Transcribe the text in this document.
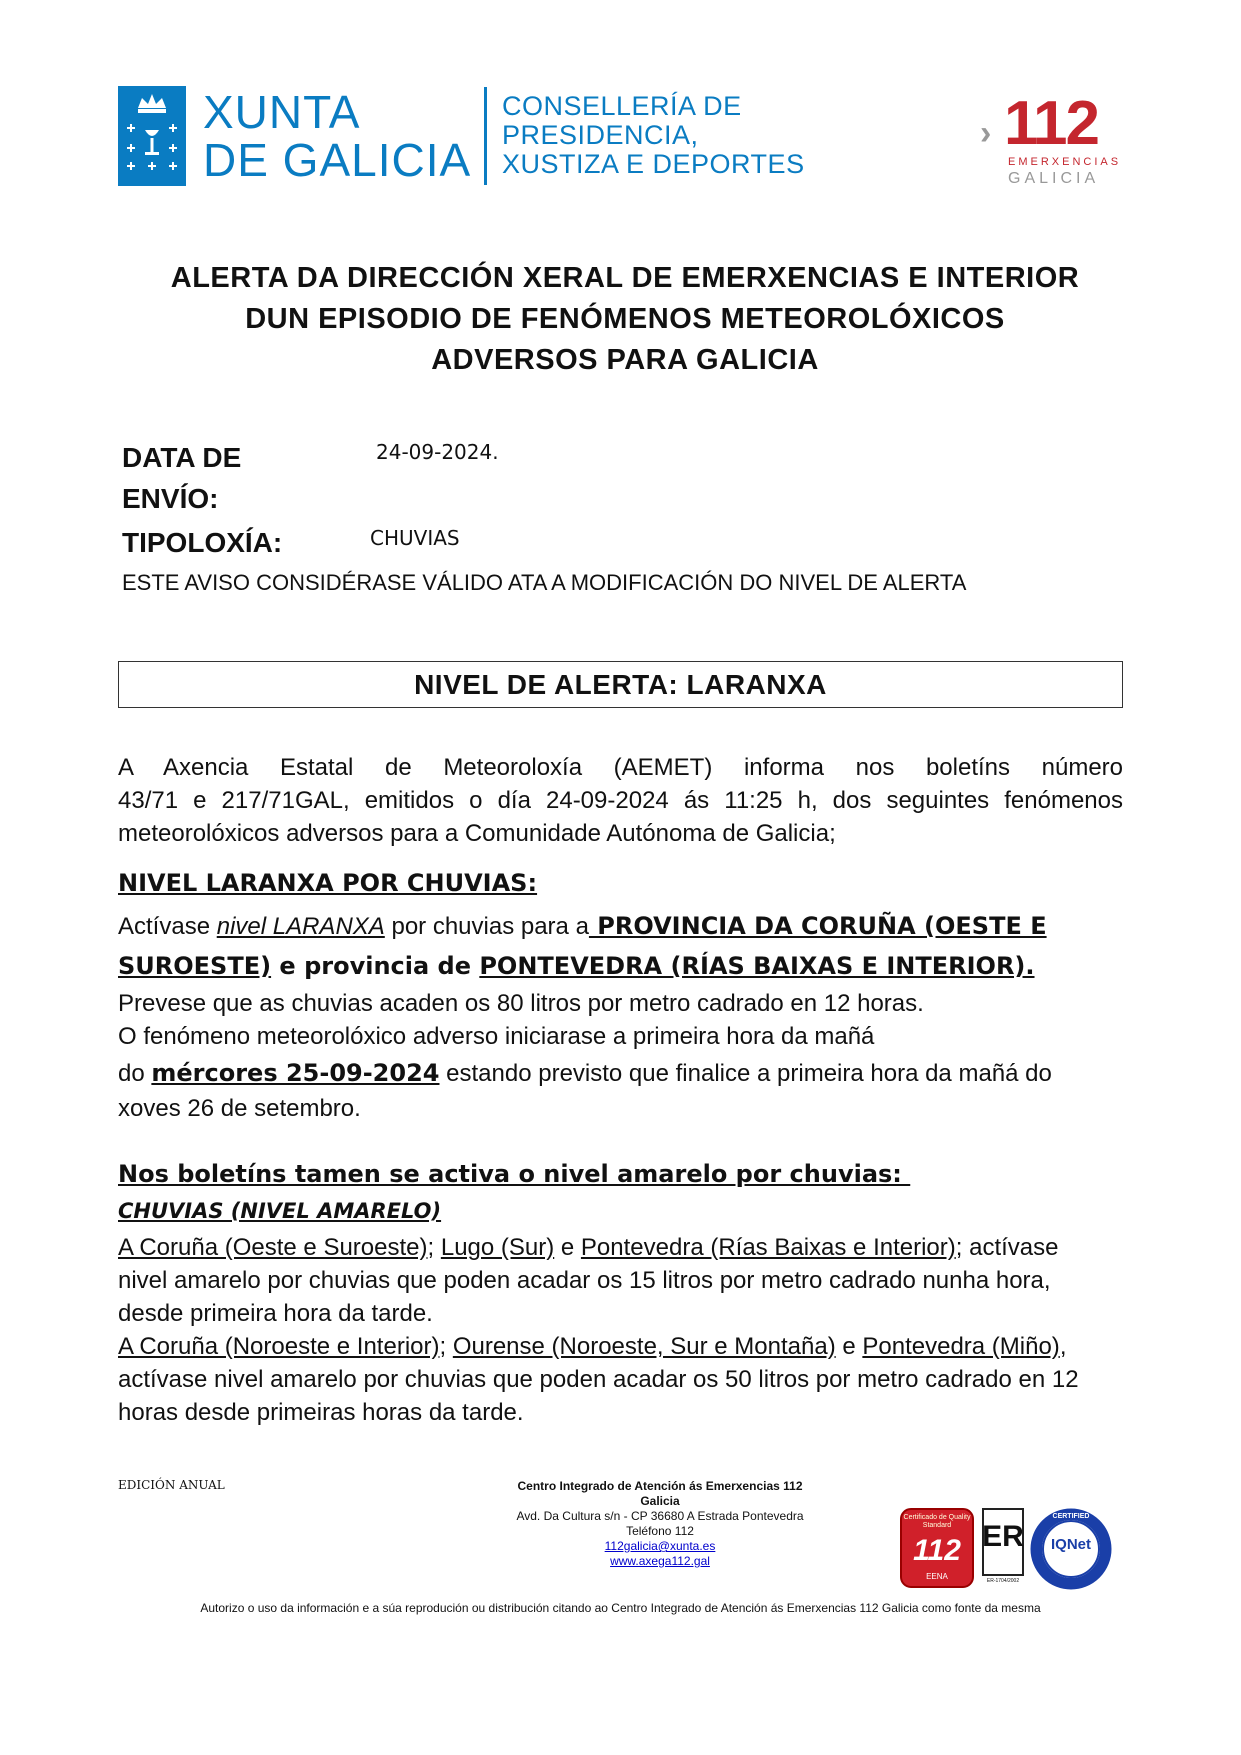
XUNTA
DE GALICIA
CONSELLERÍA DE
PRESIDENCIA,
XUSTIZA E DEPORTES
› 112
EMERXENCIAS
GALICIA
ALERTA DA DIRECCIÓN XERAL DE EMERXENCIAS E INTERIOR
DUN EPISODIO DE FENÓMENOS METEOROLÓXICOS
ADVERSOS PARA GALICIA
DATA DE
ENVÍO:
24-09-2024.
TIPOLOXÍA:	CHUVIAS
ESTE AVISO CONSIDÉRASE VÁLIDO ATA A MODIFICACIÓN DO NIVEL DE ALERTA
NIVEL DE ALERTA: LARANXA
A Axencia Estatal de Meteoroloxía (AEMET) informa nos boletíns número
43/71 e 217/71GAL, emitidos o día 24-09-2024 ás 11:25 h, dos seguintes fenómenos
meteorolóxicos adversos para a Comunidade Autónoma de Galicia;
NIVEL LARANXA POR CHUVIAS:
Actívase nivel LARANXA por chuvias para a PROVINCIA DA CORUÑA (OESTE E
SUROESTE) e provincia de PONTEVEDRA (RÍAS BAIXAS E INTERIOR).
Prevese que as chuvias acaden os 80 litros por metro cadrado en 12 horas.
O fenómeno meteorolóxico adverso iniciarase a primeira hora da mañá
do mércores 25-09-2024 estando previsto que finalice a primeira hora da mañá do
xoves 26 de setembro.
Nos boletíns tamen se activa o nivel amarelo por chuvias:
CHUVIAS (NIVEL AMARELO)
A Coruña (Oeste e Suroeste); Lugo (Sur) e Pontevedra (Rías Baixas e Interior); actívase
nivel amarelo por chuvias que poden acadar os 15 litros por metro cadrado nunha hora,
desde primeira hora da tarde.
A Coruña (Noroeste e Interior); Ourense (Noroeste, Sur e Montaña) e Pontevedra (Miño),
actívase nivel amarelo por chuvias que poden acadar os 50 litros por metro cadrado en 12
horas desde primeiras horas da tarde.
EDICIÓN ANUAL	Centro Integrado de Atención ás Emerxencias 112
Galicia
Avd. Da Cultura s/n - CP 36680 A Estrada Pontevedra
Teléfono 112
112galicia@xunta.es
www.axega112.gal
Certificado de Quality Standard
112
EENA
ER
ER-1704/2002
IQNet
CERTIFIED
Autorizo o uso da información e a súa reprodución ou distribución citando ao Centro Integrado de Atención ás Emerxencias 112 Galicia como fonte da mesma
